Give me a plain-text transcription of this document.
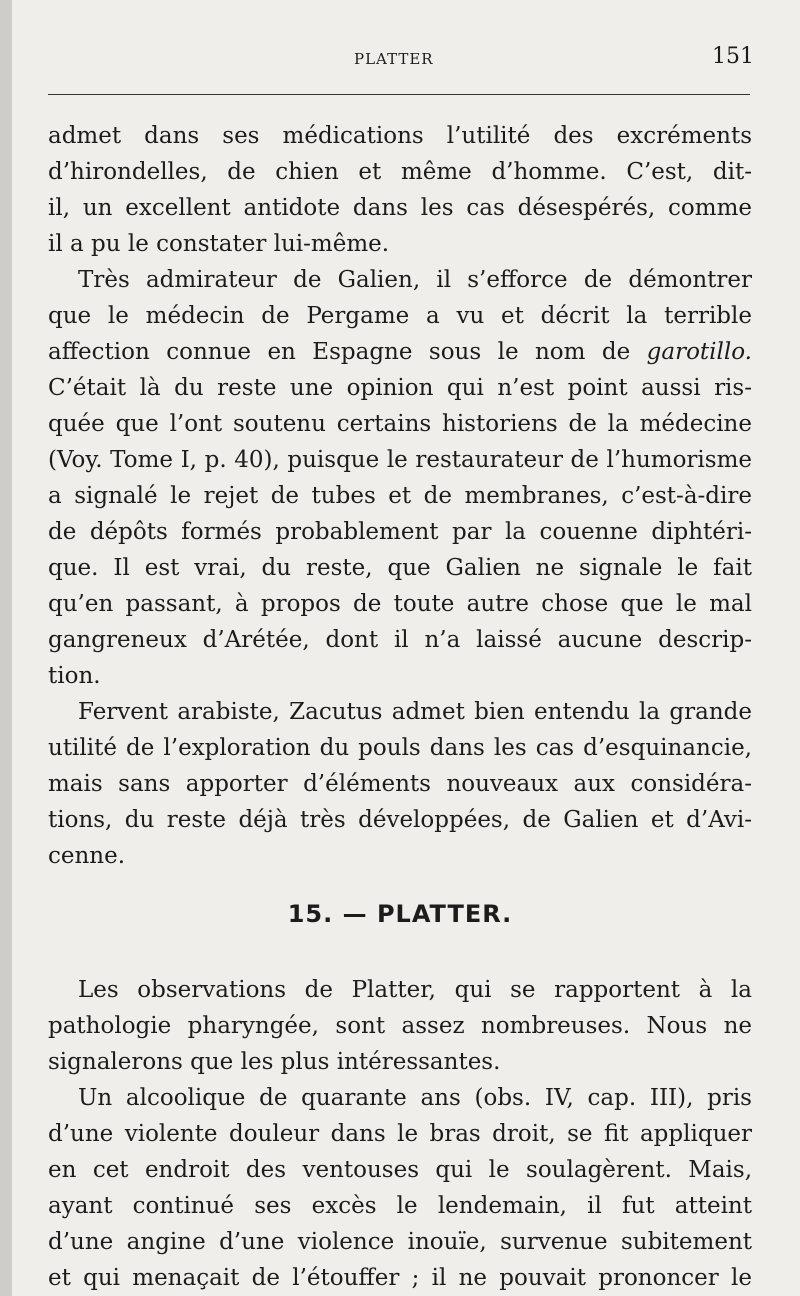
PLATTER	151

admet dans ses médications l’utilité des excréments
d’hirondelles, de chien et même d’homme. C’est, dit-
il, un excellent antidote dans les cas désespérés, comme
il a pu le constater lui-même.

Très admirateur de Galien, il s’efforce de démontrer
que le médecin de Pergame a vu et décrit la terrible
affection connue en Espagne sous le nom de garotillo.
C’était là du reste une opinion qui n’est point aussi ris-
quée que l’ont soutenu certains historiens de la médecine
(Voy. Tome I, p. 40), puisque le restaurateur de l’humorisme
a signalé le rejet de tubes et de membranes, c’est-à-dire
de dépôts formés probablement par la couenne diphtéri-
que. Il est vrai, du reste, que Galien ne signale le fait
qu’en passant, à propos de toute autre chose que le mal
gangreneux d’Arétée, dont il n’a laissé aucune descrip-
tion.

Fervent arabiste, Zacutus admet bien entendu la grande
utilité de l’exploration du pouls dans les cas d’esquinancie,
mais sans apporter d’éléments nouveaux aux considéra-
tions, du reste déjà très développées, de Galien et d’Avi-
cenne.

15. — PLATTER.

Les observations de Platter, qui se rapportent à la
pathologie pharyngée, sont assez nombreuses. Nous ne
signalerons que les plus intéressantes.

Un alcoolique de quarante ans (obs. IV, cap. III), pris
d’une violente douleur dans le bras droit, se fit appliquer
en cet endroit des ventouses qui le soulagèrent. Mais,
ayant continué ses excès le lendemain, il fut atteint
d’une angine d’une violence inouïe, survenue subitement
et qui menaçait de l’étouffer ; il ne pouvait prononcer le
